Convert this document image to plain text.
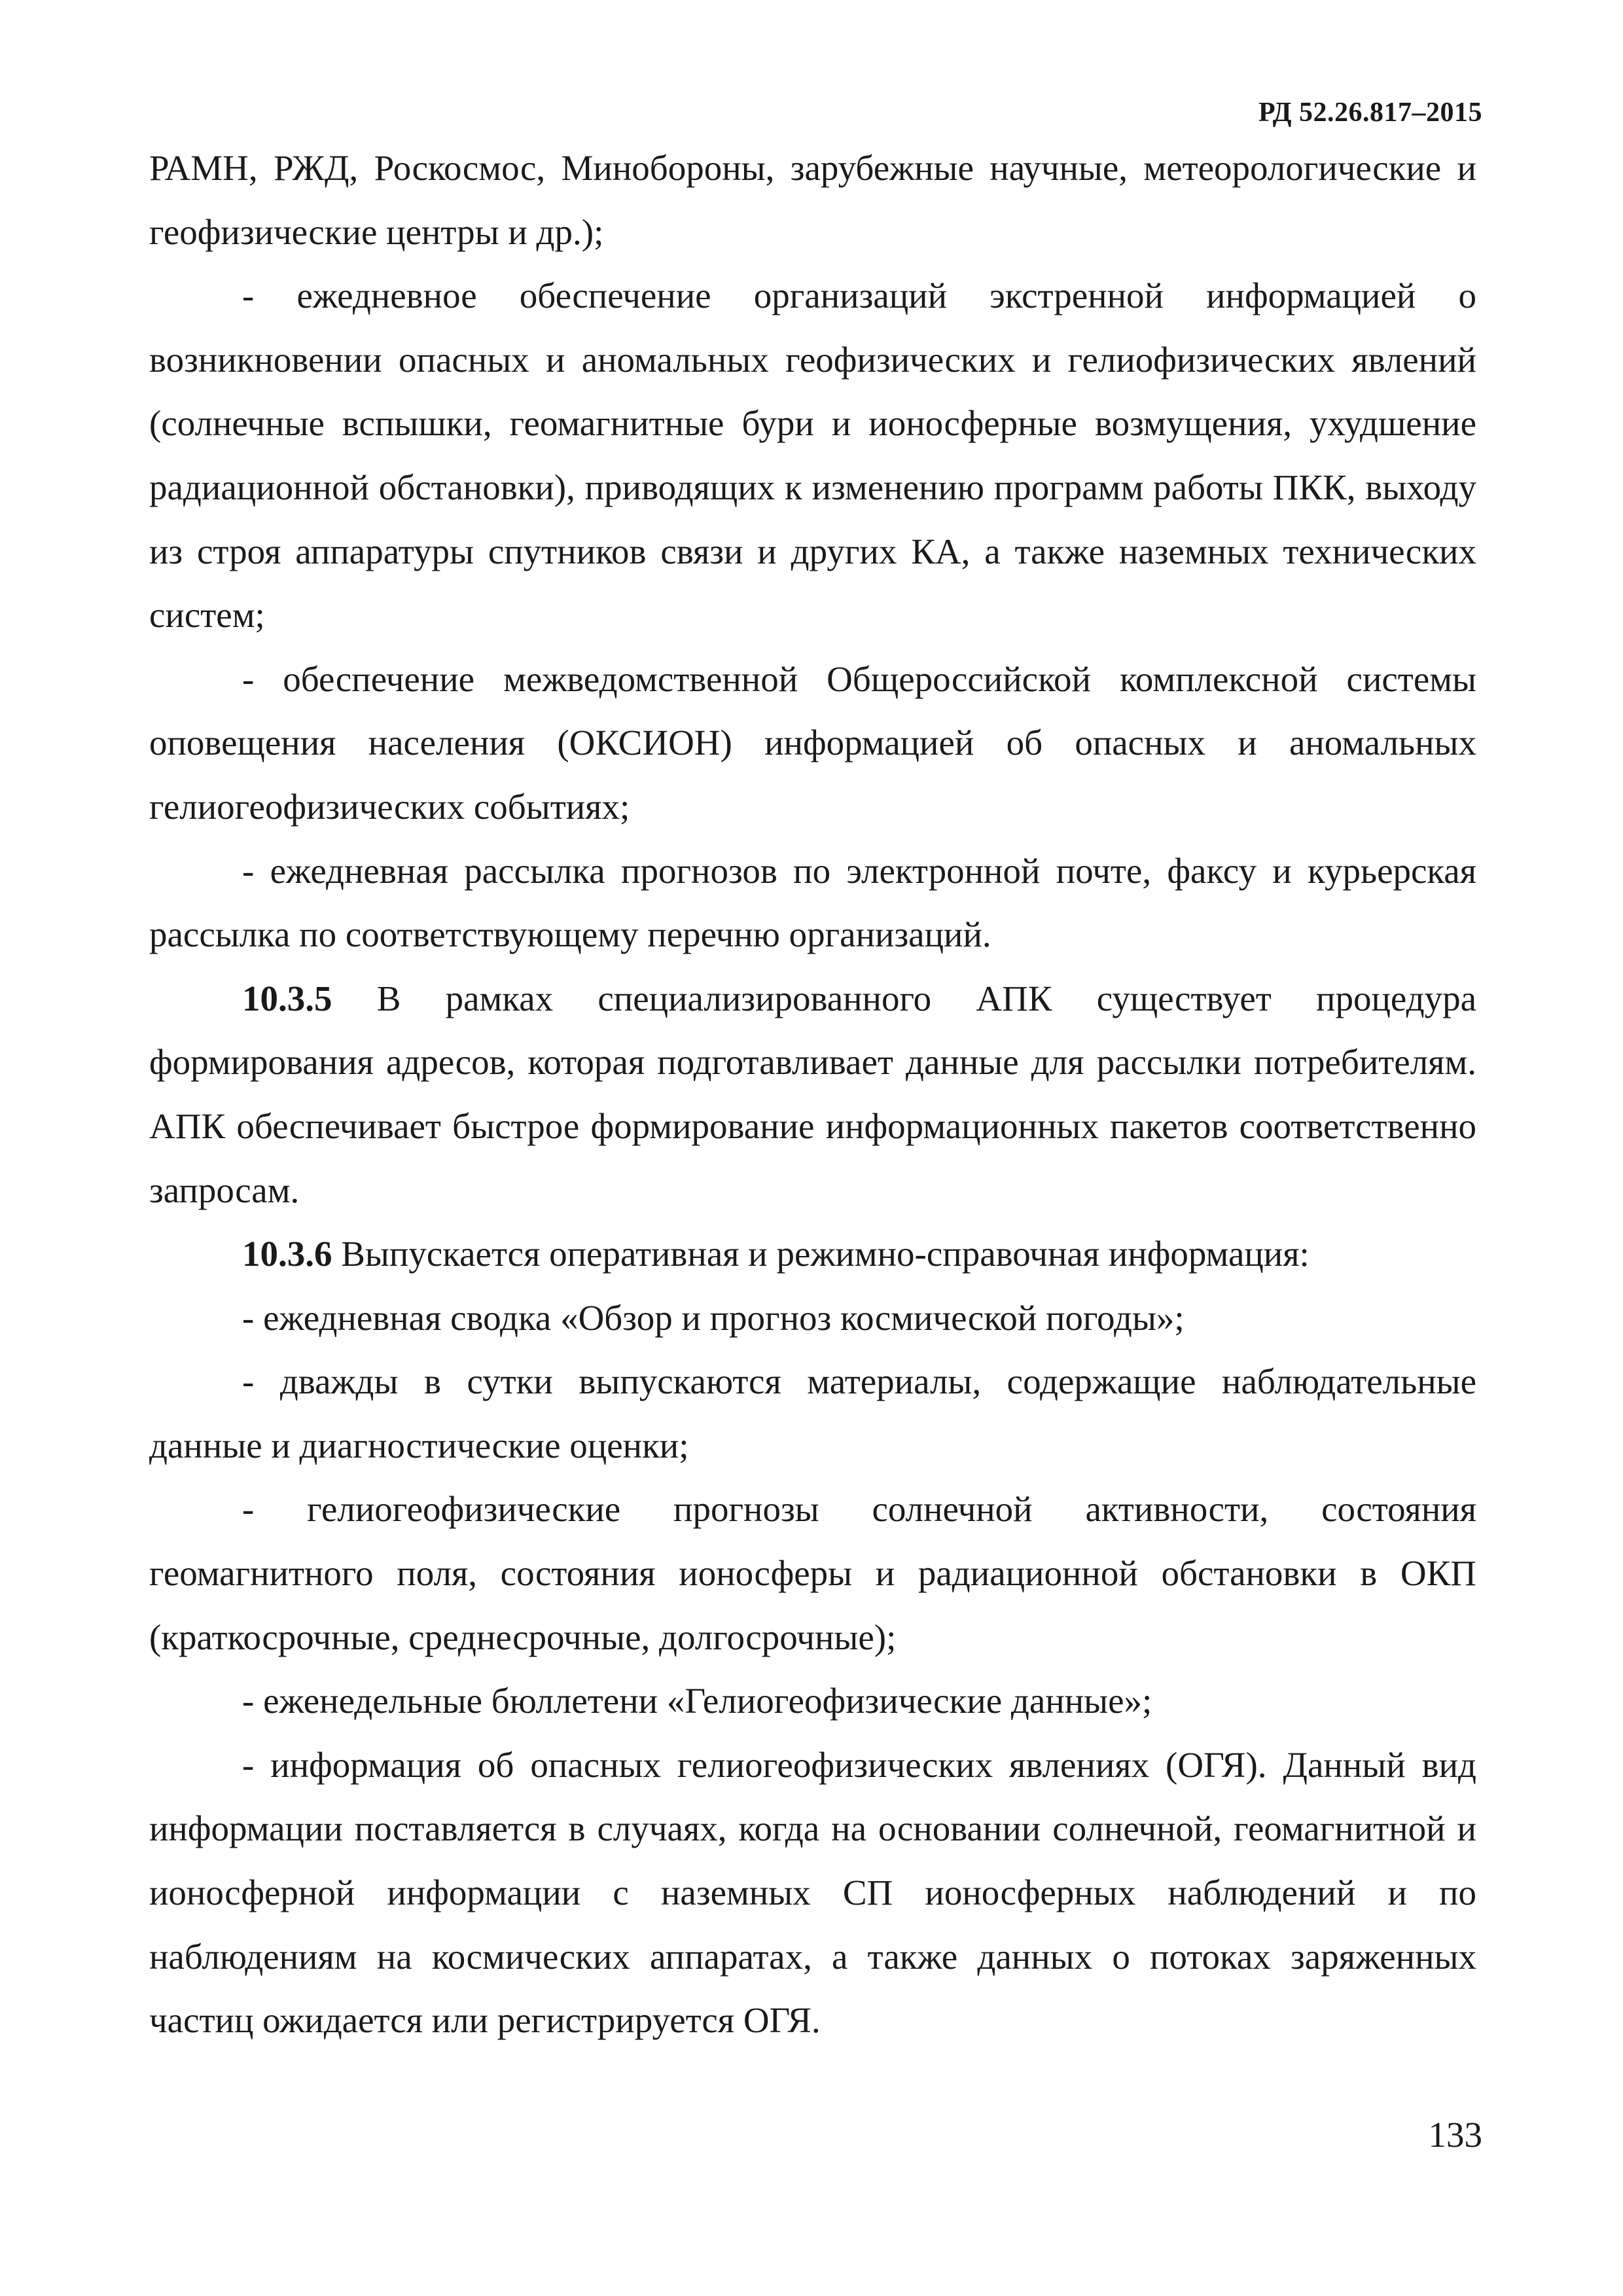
РД 52.26.817–2015

РАМН, РЖД, Роскосмос, Минобороны, зарубежные научные, метеорологические и геофизические центры и др.);

- ежедневное обеспечение организаций экстренной информацией о возникновении опасных и аномальных геофизических и гелиофизических явлений (солнечные вспышки, геомагнитные бури и ионосферные возмущения, ухудшение радиационной обстановки), приводящих к изменению программ работы ПКК, выходу из строя аппаратуры спутников связи и других КА, а также наземных технических систем;

- обеспечение межведомственной Общероссийской комплексной системы оповещения населения (ОКСИОН) информацией об опасных и аномальных гелиогеофизических событиях;

- ежедневная рассылка прогнозов по электронной почте, факсу и курьерская рассылка по соответствующему перечню организаций.

10.3.5 В рамках специализированного АПК существует процедура формирования адресов, которая подготавливает данные для рассылки потребителям. АПК обеспечивает быстрое формирование информационных пакетов соответственно запросам.

10.3.6 Выпускается оперативная и режимно-справочная информация:

- ежедневная сводка «Обзор и прогноз космической погоды»;

- дважды в сутки выпускаются материалы, содержащие наблюдательные данные и диагностические оценки;

- гелиогеофизические прогнозы солнечной активности, состояния геомагнитного поля, состояния ионосферы и радиационной обстановки в ОКП (краткосрочные, среднесрочные, долгосрочные);

- еженедельные бюллетени «Гелиогеофизические данные»;

- информация об опасных гелиогеофизических явлениях (ОГЯ). Данный вид информации поставляется в случаях, когда на основании солнечной, геомагнитной и ионосферной информации с наземных СП ионосферных наблюдений и по наблюдениям на космических аппаратах, а также данных о потоках заряженных частиц ожидается или регистрируется ОГЯ.

133
